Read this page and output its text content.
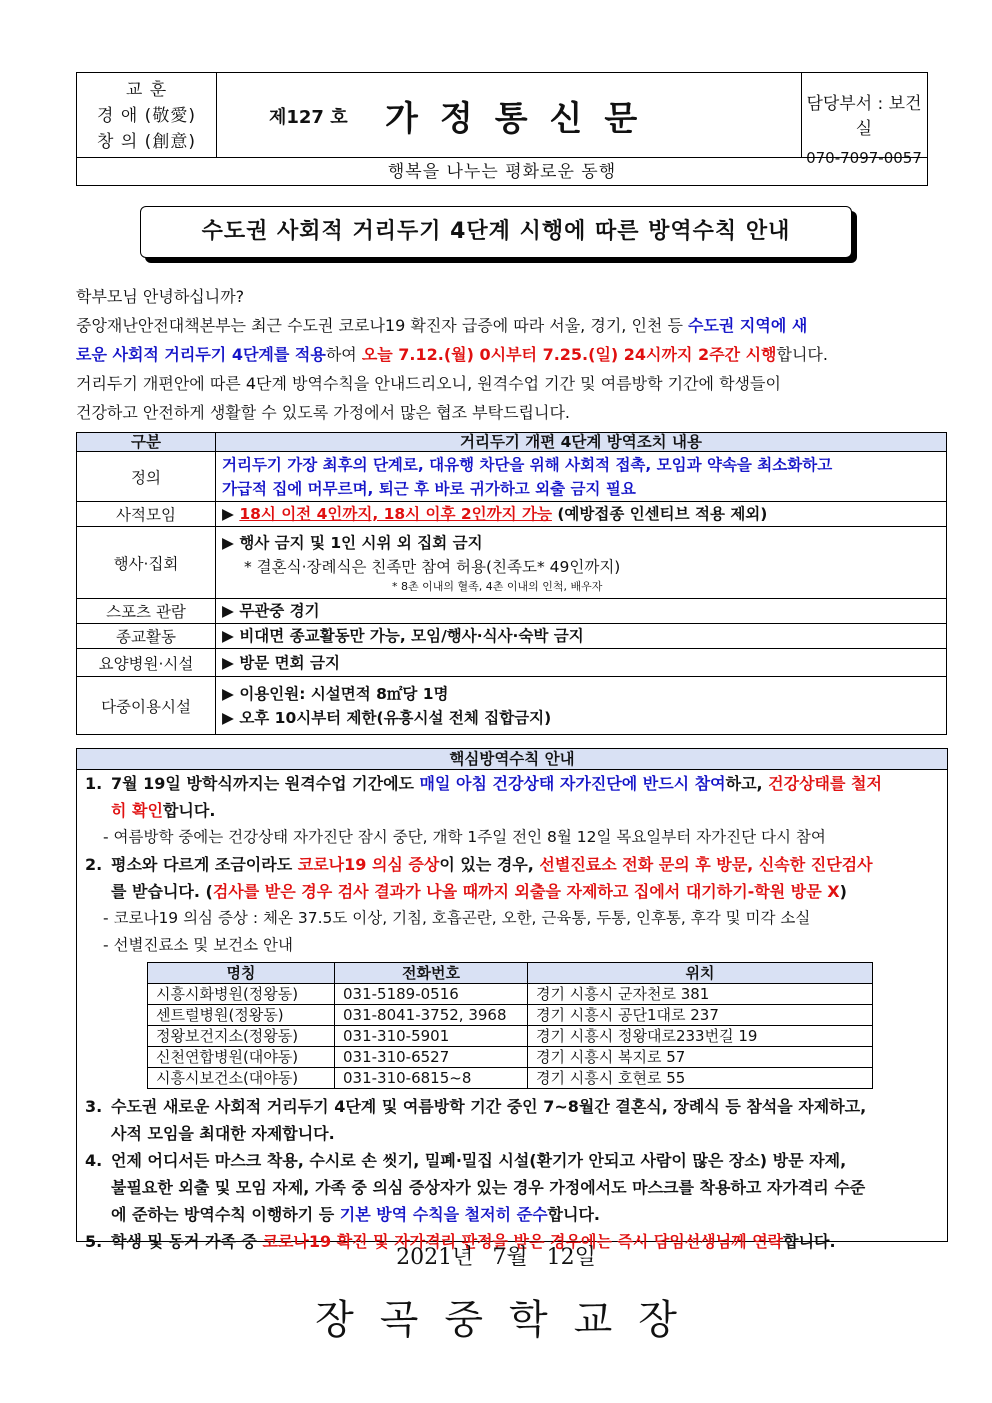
교 훈
경 애 (敬愛)
창 의 (創意)
제127 호 가정통신문	담당부서 : 보건실
070-7097-0057
행복을 나누는 평화로운 동행
수도권 사회적 거리두기 4단계 시행에 따른 방역수칙 안내

학부모님 안녕하십니까?

중앙재난안전대책본부는 최근 수도권 코로나19 확진자 급증에 따라 서울, 경기, 인천 등 수도권 지역에 새

로운 사회적 거리두기 4단계를 적용하여 오늘 7.12.(월) 0시부터 7.25.(일) 24시까지 2주간 시행합니다.

거리두기 개편안에 따른 4단계 방역수칙을 안내드리오니, 원격수업 기간 및 여름방학 기간에 학생들이

건강하고 안전하게 생활할 수 있도록 가정에서 많은 협조 부탁드립니다.

구분	거리두기 개편 4단계 방역조치 내용
정의	거리두기 가장 최후의 단계로, 대유행 차단을 위해 사회적 접촉, 모임과 약속을 최소화하고
가급적 집에 머무르며, 퇴근 후 바로 귀가하고 외출 금지 필요

사적모임	▶ 18시 이전 4인까지, 18시 이후 2인까지 가능 (예방접종 인센티브 적용 제외)
행사·집회	▶ 행사 금지 및 1인 시위 외 집회 금지
* 결혼식·장례식은 친족만 참여 허용(친족도* 49인까지)
* 8촌 이내의 혈족, 4촌 이내의 인척, 배우자

스포츠 관람	▶ 무관중 경기
종교활동	▶ 비대면 종교활동만 가능, 모임/행사·식사·숙박 금지
요양병원·시설	▶ 방문 면회 금지
다중이용시설	▶ 이용인원: 시설면적 8㎡당 1명
▶ 오후 10시부터 제한(유흥시설 전체 집합금지)
핵심방역수칙 안내
1. 7월 19일 방학식까지는 원격수업 기간에도 매일 아침 건강상태 자가진단에 반드시 참여하고, 건강상태를 철저
히 확인합니다.
- 여름방학 중에는 건강상태 자가진단 잠시 중단, 개학 1주일 전인 8월 12일 목요일부터 자가진단 다시 참여
2. 평소와 다르게 조금이라도 코로나19 의심 증상이 있는 경우, 선별진료소 전화 문의 후 방문, 신속한 진단검사
를 받습니다. (검사를 받은 경우 검사 결과가 나올 때까지 외출을 자제하고 집에서 대기하기-학원 방문 X)
- 코로나19 의심 증상 : 체온 37.5도 이상, 기침, 호흡곤란, 오한, 근육통, 두통, 인후통, 후각 및 미각 소실
- 선별진료소 및 보건소 안내
명칭	전화번호	위치
시흥시화병원(정왕동)	031-5189-0516	경기 시흥시 군자천로 381
센트럴병원(정왕동)	031-8041-3752, 3968	경기 시흥시 공단1대로 237
정왕보건지소(정왕동)	031-310-5901	경기 시흥시 정왕대로233번길 19
신천연합병원(대야동)	031-310-6527	경기 시흥시 복지로 57
시흥시보건소(대야동)	031-310-6815~8	경기 시흥시 호현로 55
3. 수도권 새로운 사회적 거리두기 4단계 및 여름방학 기간 중인 7~8월간 결혼식, 장례식 등 참석을 자제하고,
사적 모임을 최대한 자제합니다.
4. 언제 어디서든 마스크 착용, 수시로 손 씻기, 밀폐·밀집 시설(환기가 안되고 사람이 많은 장소) 방문 자제,
불필요한 외출 및 모임 자제, 가족 중 의심 증상자가 있는 경우 가정에서도 마스크를 착용하고 자가격리 수준
에 준하는 방역수칙 이행하기 등 기본 방역 수칙을 철저히 준수합니다.
5. 학생 및 동거 가족 중 코로나19 확진 및 자가격리 판정을 받은 경우에는 즉시 담임선생님께 연락합니다.
2021년 7월 12일
장곡중학교장
